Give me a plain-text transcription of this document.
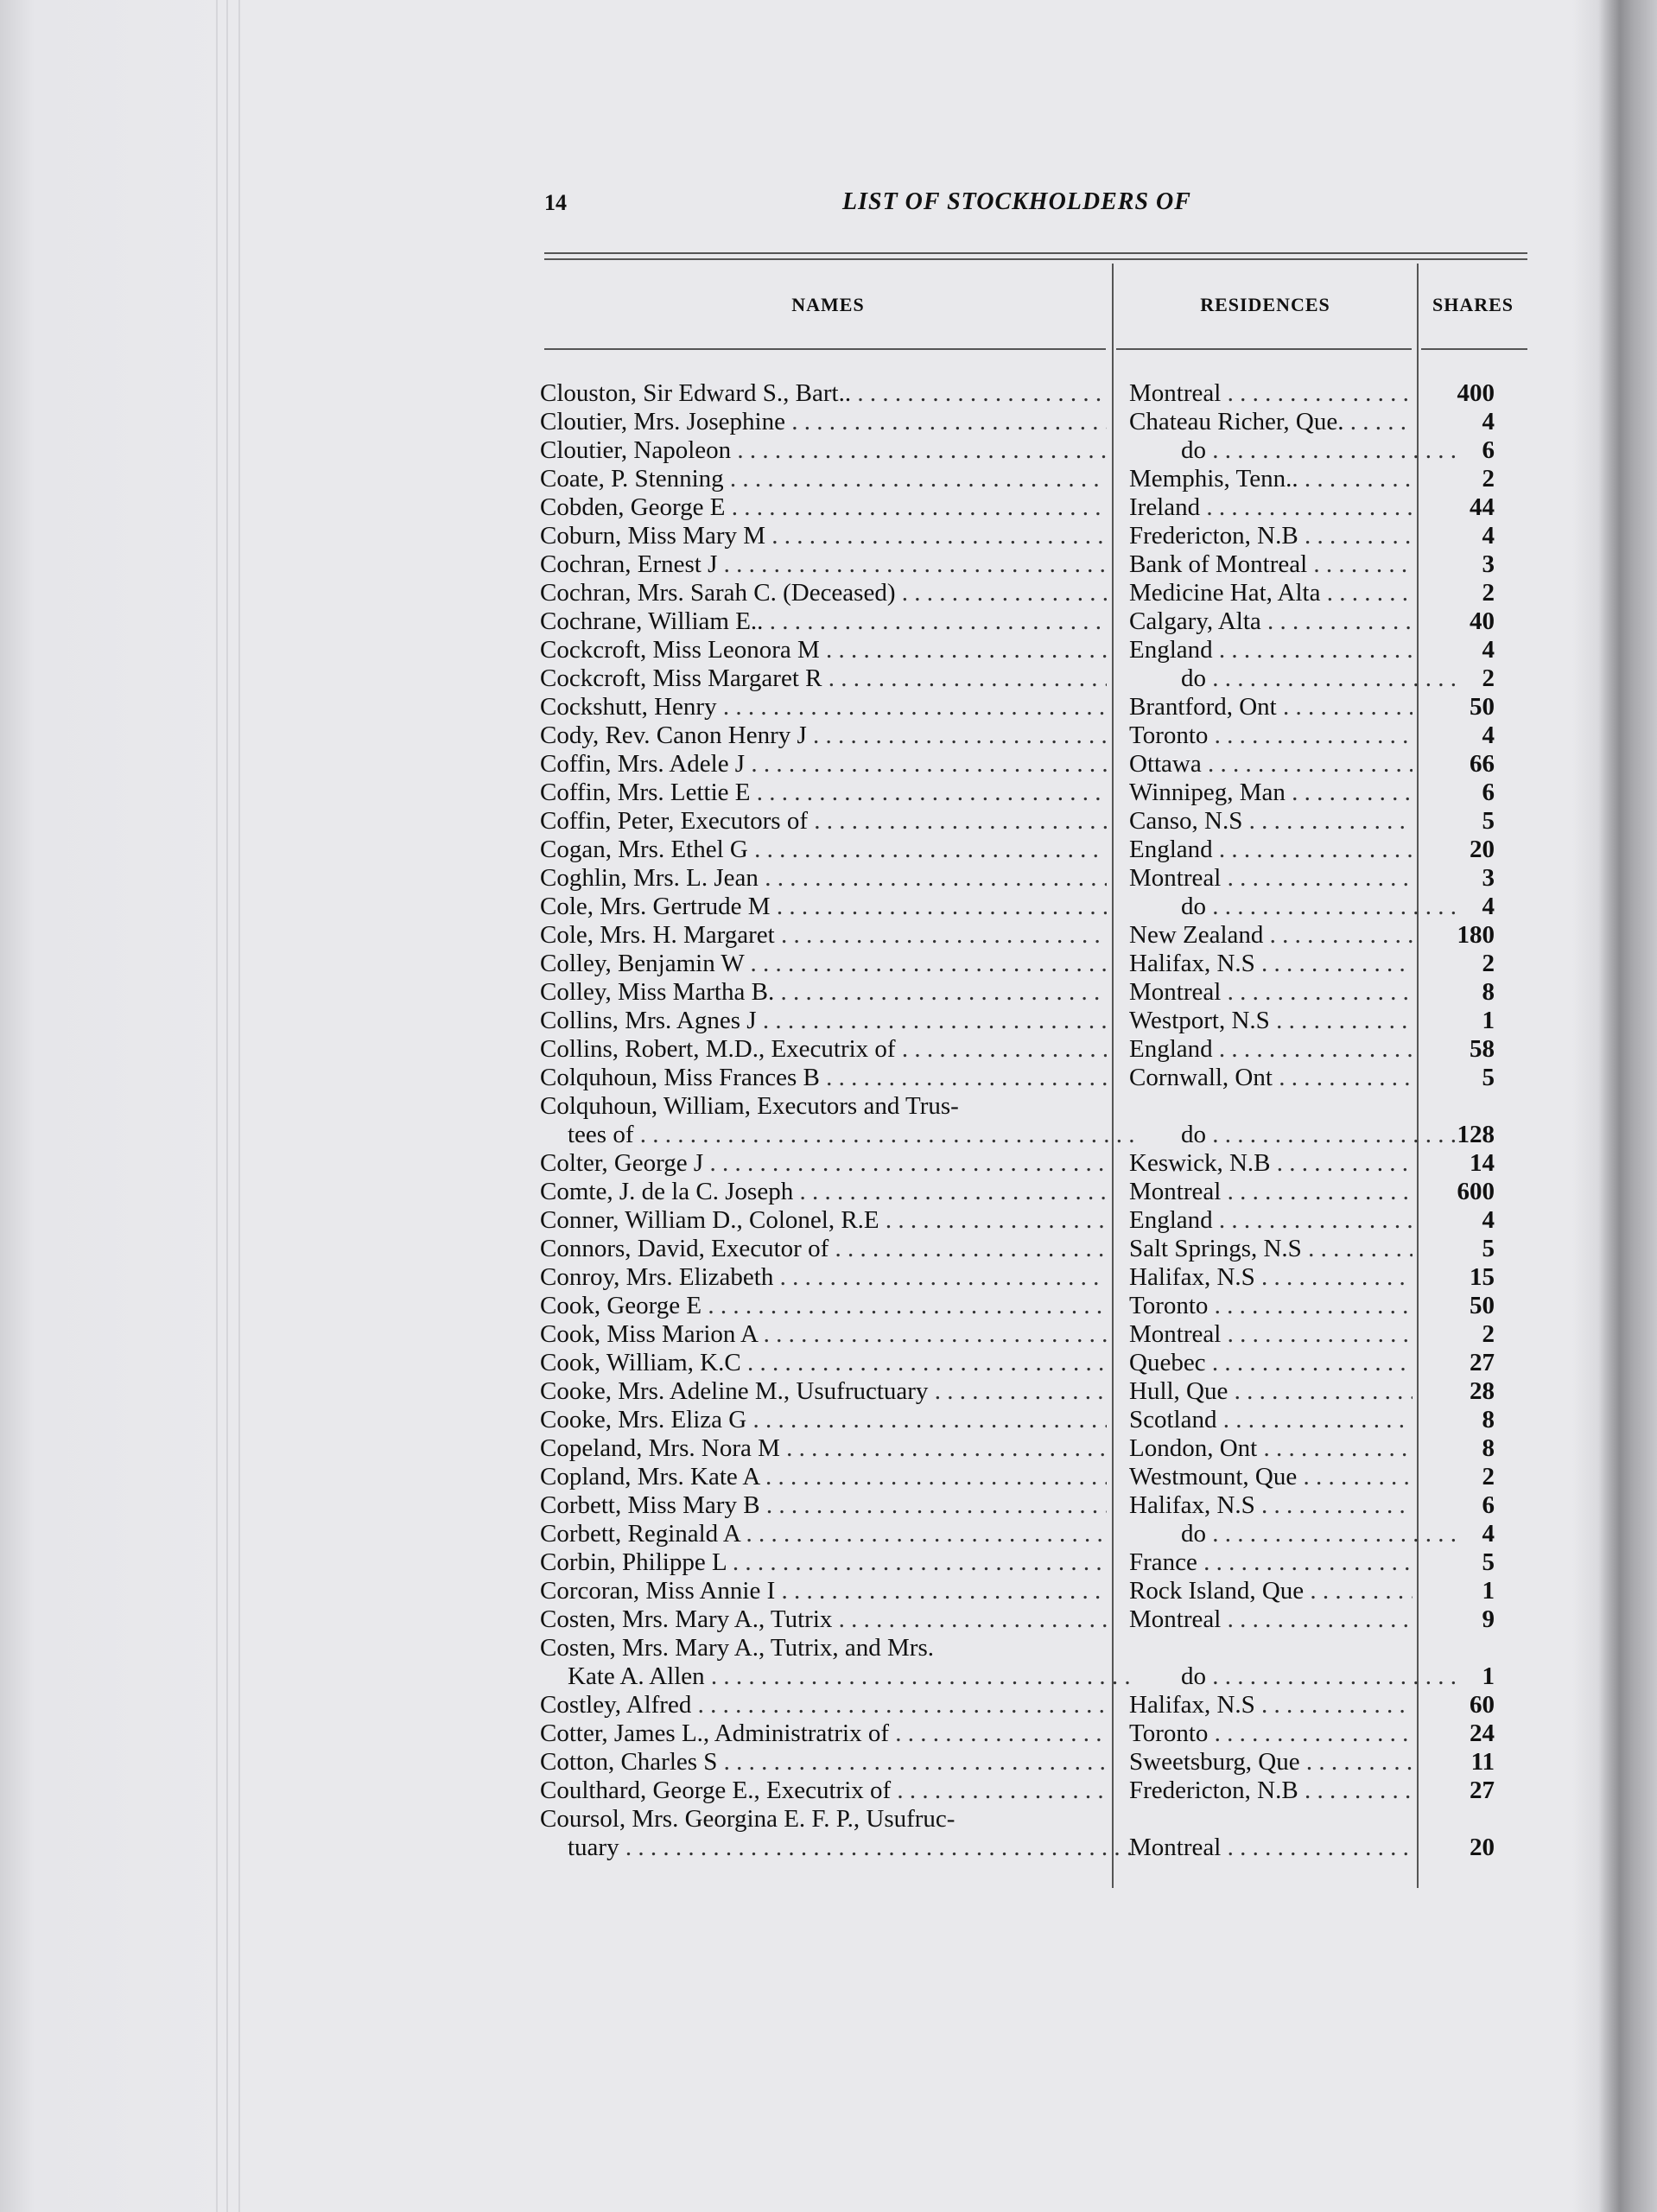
14	LIST OF STOCKHOLDERS OF
NAMES	RESIDENCES	SHARES
Clouston, Sir Edward S., Bart.. . . .	Montreal . . .	400
Cloutier, Mrs. Josephine . . .	Chateau Richer, Que. . . .	4
Cloutier, Napoleon . . .	do . . .	6
Coate, P. Stenning . . .	Memphis, Tenn.. . . .	2
Cobden, George E . . .	Ireland . . .	44
Coburn, Miss Mary M . . .	Fredericton, N.B . . .	4
Cochran, Ernest J . . .	Bank of Montreal . . .	3
Cochran, Mrs. Sarah C. (Deceased) . . .	Medicine Hat, Alta . . .	2
Cochrane, William E.. . . .	Calgary, Alta . . .	40
Cockcroft, Miss Leonora M . . .	England . . .	4
Cockcroft, Miss Margaret R . . .	do . . .	2
Cockshutt, Henry . . .	Brantford, Ont . . .	50
Cody, Rev. Canon Henry J . . .	Toronto . . .	4
Coffin, Mrs. Adele J . . .	Ottawa . . .	66
Coffin, Mrs. Lettie E . . .	Winnipeg, Man . . .	6
Coffin, Peter, Executors of . . .	Canso, N.S . . .	5
Cogan, Mrs. Ethel G . . .	England . . .	20
Coghlin, Mrs. L. Jean . . .	Montreal . . .	3
Cole, Mrs. Gertrude M . . .	do . . .	4
Cole, Mrs. H. Margaret . . .	New Zealand . . .	180
Colley, Benjamin W . . .	Halifax, N.S . . .	2
Colley, Miss Martha B. . . .	Montreal . . .	8
Collins, Mrs. Agnes J . . .	Westport, N.S . . .	1
Collins, Robert, M.D., Executrix of . . .	England . . .	58
Colquhoun, Miss Frances B . . .	Cornwall, Ont . . .	5
Colquhoun, William, Executors and Trus-
tees of . . .	do . . .	128
Colter, George J . . .	Keswick, N.B . . .	14
Comte, J. de la C. Joseph . . .	Montreal . . .	600
Conner, William D., Colonel, R.E . . .	England . . .	4
Connors, David, Executor of . . .	Salt Springs, N.S . . .	5
Conroy, Mrs. Elizabeth . . .	Halifax, N.S . . .	15
Cook, George E . . .	Toronto . . .	50
Cook, Miss Marion A . . .	Montreal . . .	2
Cook, William, K.C . . .	Quebec . . .	27
Cooke, Mrs. Adeline M., Usufructuary . . .	Hull, Que . . .	28
Cooke, Mrs. Eliza G . . .	Scotland . . .	8
Copeland, Mrs. Nora M . . .	London, Ont . . .	8
Copland, Mrs. Kate A . . .	Westmount, Que . . .	2
Corbett, Miss Mary B . . .	Halifax, N.S . . .	6
Corbett, Reginald A . . .	do . . .	4
Corbin, Philippe L . . .	France . . .	5
Corcoran, Miss Annie I . . .	Rock Island, Que . . .	1
Costen, Mrs. Mary A., Tutrix . . .	Montreal . . .	9
Costen, Mrs. Mary A., Tutrix, and Mrs.
Kate A. Allen . . .	do . . .	1
Costley, Alfred . . .	Halifax, N.S . . .	60
Cotter, James L., Administratrix of . . .	Toronto . . .	24
Cotton, Charles S . . .	Sweetsburg, Que . . .	11
Coulthard, George E., Executrix of . . .	Fredericton, N.B . . .	27
Coursol, Mrs. Georgina E. F. P., Usufruc-
tuary . . .	Montreal . . .	20
